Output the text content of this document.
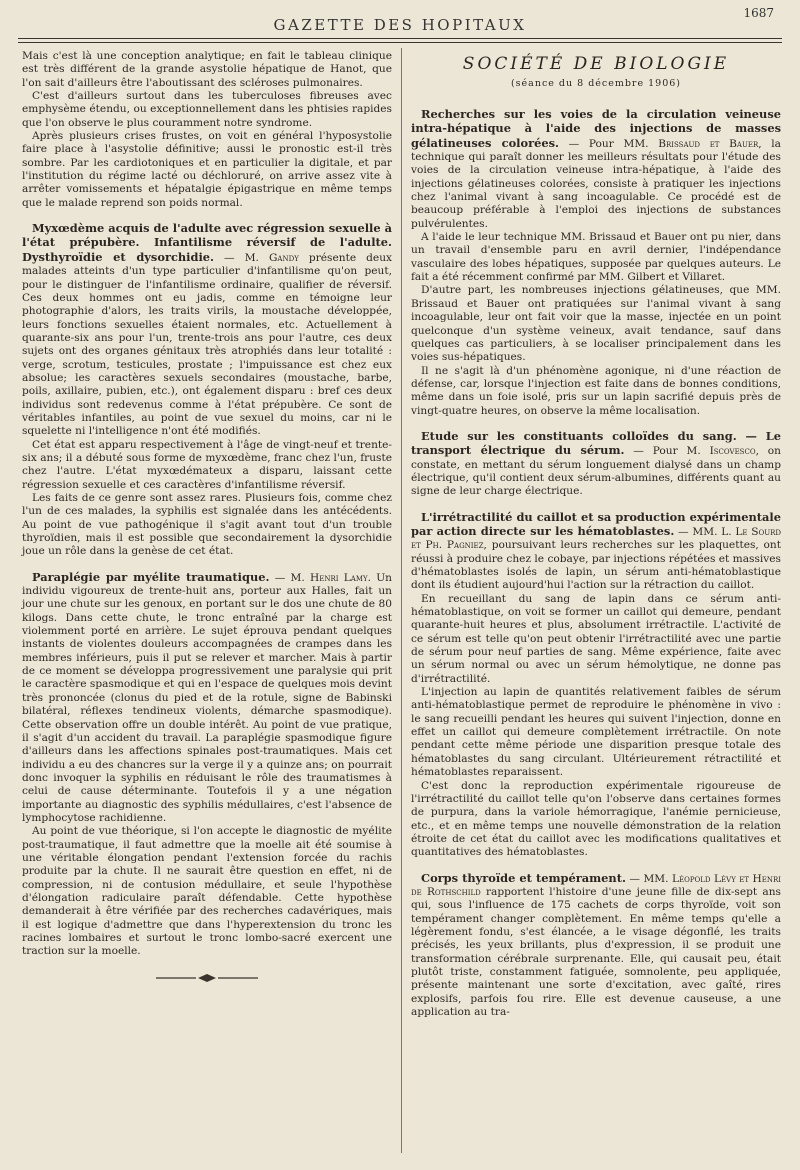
GAZETTE DES HOPITAUX
1687

Mais c'est là une conception analytique; en fait le tableau clinique est très différent de la grande asystolie hépatique de Hanot, que l'on sait d'ailleurs être l'aboutissant des scléroses pulmonaires.

C'est d'ailleurs surtout dans les tuberculoses fibreuses avec emphysème étendu, ou exceptionnellement dans les phtisies rapides que l'on observe le plus couramment notre syndrome.

Après plusieurs crises frustes, on voit en général l'hyposystolie faire place à l'asystolie définitive; aussi le pronostic est-il très sombre. Par les cardiotoniques et en particulier la digitale, et par l'institution du régime lacté ou déchloruré, on arrive assez vite à arrêter vomissements et hépatalgie épigastrique en même temps que le malade reprend son poids normal.

Myxœdème acquis de l'adulte avec régression sexuelle à l'état prépubère. Infantilisme réversif de l'adulte. Dysthyroïdie et dysorchidie. — M. Gandy présente deux malades atteints d'un type particulier d'infantilisme qu'on peut, pour le distinguer de l'infantilisme ordinaire, qualifier de réversif. Ces deux hommes ont eu jadis, comme en témoigne leur photographie d'alors, les traits virils, la moustache développée, leurs fonctions sexuelles étaient normales, etc. Actuellement à quarante-six ans pour l'un, trente-trois ans pour l'autre, ces deux sujets ont des organes génitaux très atrophiés dans leur totalité : verge, scrotum, testicules, prostate ; l'impuissance est chez eux absolue; les caractères sexuels secondaires (moustache, barbe, poils, axillaire, pubien, etc.), ont également disparu : bref ces deux individus sont redevenus comme à l'état prépubère. Ce sont de véritables infantiles, au point de vue sexuel du moins, car ni le squelette ni l'intelligence n'ont été modifiés.

Cet état est apparu respectivement à l'âge de vingt-neuf et trente-six ans; il a débuté sous forme de myxœdème, franc chez l'un, fruste chez l'autre. L'état myxœdémateux a disparu, laissant cette régression sexuelle et ces caractères d'infantilisme réversif.

Les faits de ce genre sont assez rares. Plusieurs fois, comme chez l'un de ces malades, la syphilis est signalée dans les antécédents. Au point de vue pathogénique il s'agit avant tout d'un trouble thyroïdien, mais il est possible que secondairement la dysorchidie joue un rôle dans la genèse de cet état.

Paraplégie par myélite traumatique. — M. Henri Lamy. Un individu vigoureux de trente-huit ans, porteur aux Halles, fait un jour une chute sur les genoux, en portant sur le dos une chute de 80 kilogs. Dans cette chute, le tronc entraîné par la charge est violemment porté en arrière. Le sujet éprouva pendant quelques instants de violentes douleurs accompagnées de crampes dans les membres inférieurs, puis il put se relever et marcher. Mais à partir de ce moment se développa progressivement une paralysie qui prit le caractère spasmodique et qui en l'espace de quelques mois devint très prononcée (clonus du pied et de la rotule, signe de Babinski bilatéral, réflexes tendineux violents, démarche spasmodique). Cette observation offre un double intérêt. Au point de vue pratique, il s'agit d'un accident du travail. La paraplégie spasmodique figure d'ailleurs dans les affections spinales post-traumatiques. Mais cet individu a eu des chancres sur la verge il y a quinze ans; on pourrait donc invoquer la syphilis en réduisant le rôle des traumatismes à celui de cause déterminante. Toutefois il y a une négation importante au diagnostic des syphilis médullaires, c'est l'absence de lymphocytose rachidienne.

Au point de vue théorique, si l'on accepte le diagnostic de myélite post-traumatique, il faut admettre que la moelle ait été soumise à une véritable élongation pendant l'extension forcée du rachis produite par la chute. Il ne saurait être question en effet, ni de compression, ni de contusion médullaire, et seule l'hypothèse d'élongation radiculaire paraît défendable. Cette hypothèse demanderait à être vérifiée par des recherches cadavériques, mais il est logique d'admettre que dans l'hyperextension du tronc les racines lombaires et surtout le tronc lombo-sacré exercent une traction sur la moelle.

SOCIÉTÉ DE BIOLOGIE
(séance du 8 décembre 1906)

Recherches sur les voies de la circulation veineuse intra-hépatique à l'aide des injections de masses gélatineuses colorées. — Pour MM. Brissaud et Bauer, la technique qui paraît donner les meilleurs résultats pour l'étude des voies de la circulation veineuse intra-hépatique, à l'aide des injections gélatineuses colorées, consiste à pratiquer les injections chez l'animal vivant à sang incoagulable. Ce procédé est de beaucoup préférable à l'emploi des injections de substances pulvérulentes.

A l'aide le leur technique MM. Brissaud et Bauer ont pu nier, dans un travail d'ensemble paru en avril dernier, l'indépendance vasculaire des lobes hépatiques, supposée par quelques auteurs. Le fait a été récemment confirmé par MM. Gilbert et Villaret.

D'autre part, les nombreuses injections gélatineuses, que MM. Brissaud et Bauer ont pratiquées sur l'animal vivant à sang incoagulable, leur ont fait voir que la masse, injectée en un point quelconque d'un système veineux, avait tendance, sauf dans quelques cas particuliers, à se localiser principalement dans les voies sus-hépatiques.

Il ne s'agit là d'un phénomène agonique, ni d'une réaction de défense, car, lorsque l'injection est faite dans de bonnes conditions, même dans un foie isolé, pris sur un lapin sacrifié depuis près de vingt-quatre heures, on observe la même localisation.

Etude sur les constituants colloïdes du sang. — Le transport électrique du sérum. — Pour M. Iscovesco, on constate, en mettant du sérum longuement dialysé dans un champ électrique, qu'il contient deux sérum-albumines, différents quant au signe de leur charge électrique.

L'irrétractilité du caillot et sa production expérimentale par action directe sur les hématoblastes. — MM. L. Le Sourd et Ph. Pagniez, poursuivant leurs recherches sur les plaquettes, ont réussi à produire chez le cobaye, par injections répétées et massives d'hématoblastes isolés de lapin, un sérum anti-hématoblastique dont ils étudient aujourd'hui l'action sur la rétraction du caillot.

En recueillant du sang de lapin dans ce sérum anti-hématoblastique, on voit se former un caillot qui demeure, pendant quarante-huit heures et plus, absolument irrétractile. L'activité de ce sérum est telle qu'on peut obtenir l'irrétractilité avec une partie de sérum pour neuf parties de sang. Même expérience, faite avec un sérum normal ou avec un sérum hémolytique, ne donne pas d'irrétractilité.

L'injection au lapin de quantités relativement faibles de sérum anti-hématoblastique permet de reproduire le phénomène in vivo : le sang recueilli pendant les heures qui suivent l'injection, donne en effet un caillot qui demeure complètement irrétractile. On note pendant cette même période une disparition presque totale des hématoblastes du sang circulant. Ultérieurement rétractilité et hématoblastes reparaissent.

C'est donc la reproduction expérimentale rigoureuse de l'irrétractilité du caillot telle qu'on l'observe dans certaines formes de purpura, dans la variole hémorragique, l'anémie pernicieuse, etc., et en même temps une nouvelle démonstration de la relation étroite de cet état du caillot avec les modifications qualitatives et quantitatives des hématoblastes.

Corps thyroïde et tempérament. — MM. Léopold Lévy et Henri de Rothschild rapportent l'histoire d'une jeune fille de dix-sept ans qui, sous l'influence de 175 cachets de corps thyroïde, voit son tempérament changer complètement. En même temps qu'elle a légèrement fondu, s'est élancée, a le visage dégonflé, les traits précisés, les yeux brillants, plus d'expression, il se produit une transformation cérébrale surprenante. Elle, qui causait peu, était plutôt triste, constamment fatiguée, somnolente, peu appliquée, présente maintenant une sorte d'excitation, avec gaîté, rires explosifs, parfois fou rire. Elle est devenue causeuse, a une application au tra-
